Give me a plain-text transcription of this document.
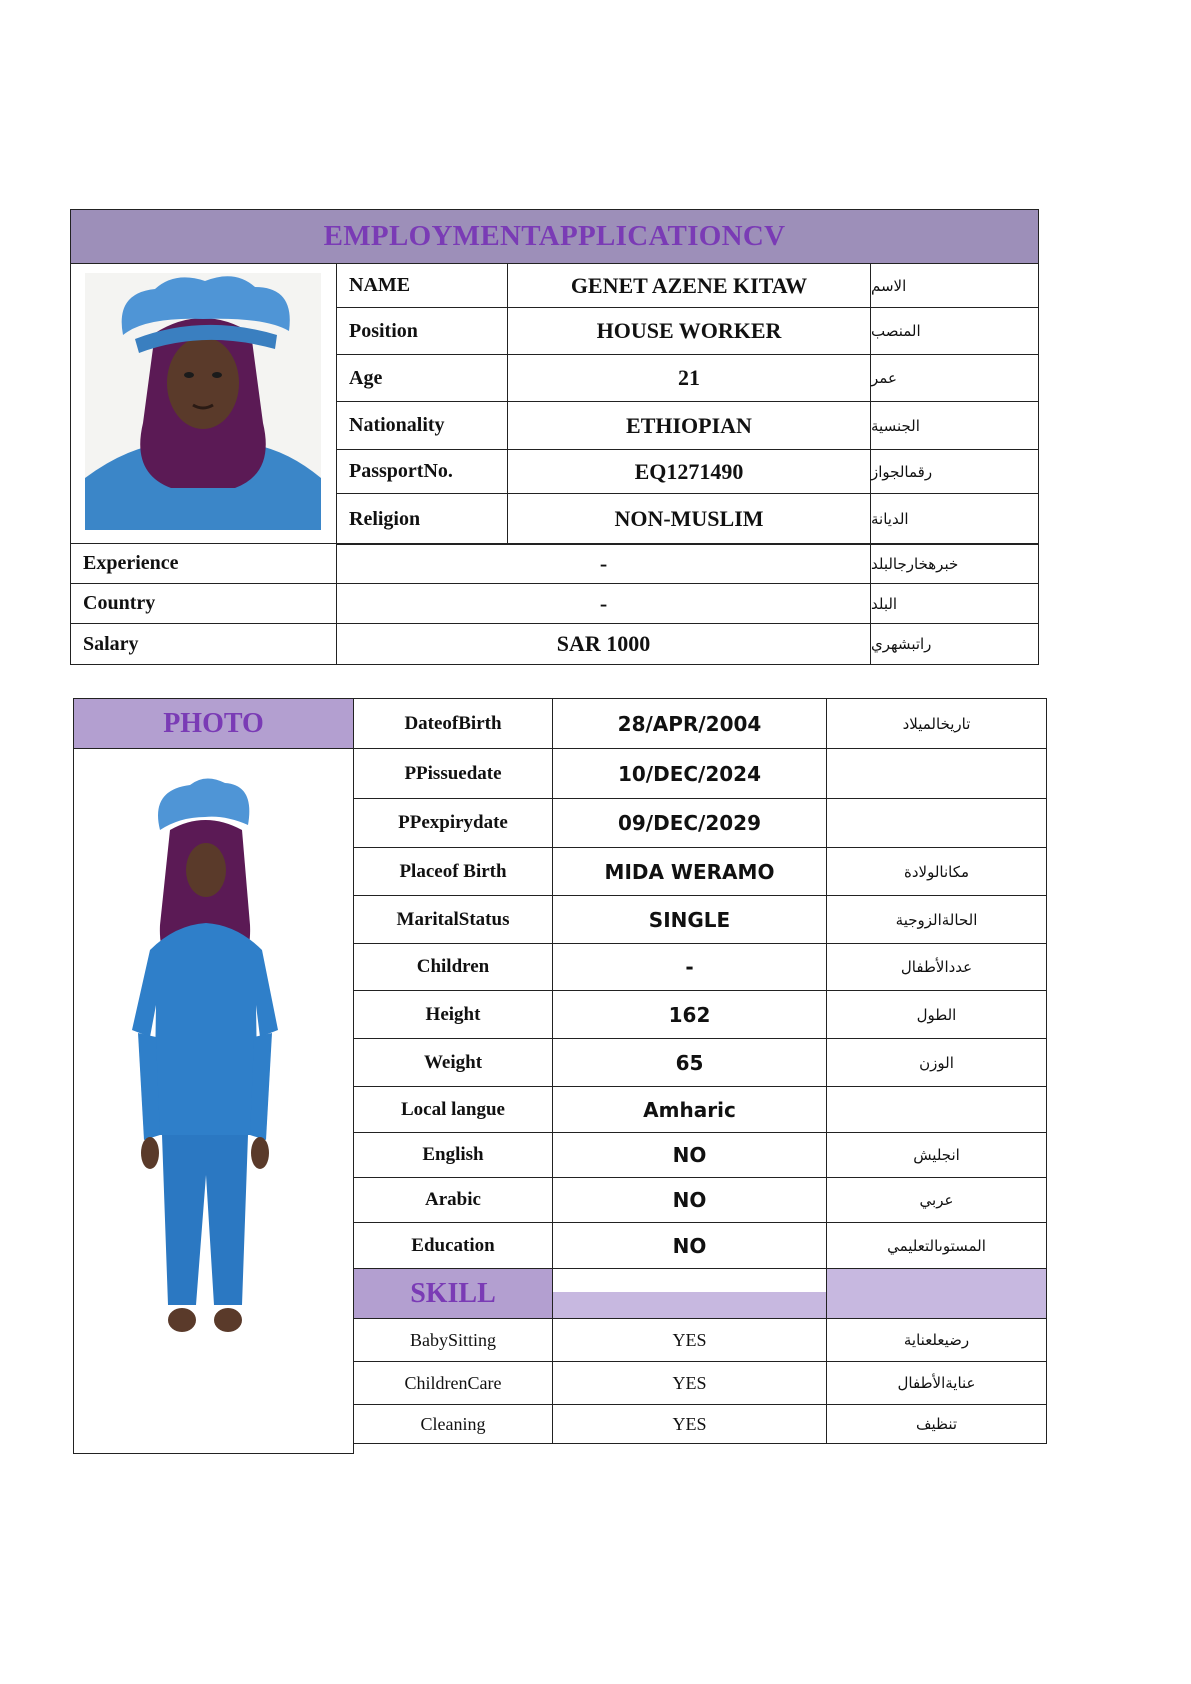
EMPLOYMENTAPPLICATIONCV
NAME	GENET AZENE KITAW	الاسم
Position	HOUSE WORKER	المنصب
Age	21	عمر
Nationality	ETHIOPIAN	الجنسية
PassportNo.	EQ1271490	رقمالجواز
Religion	NON-MUSLIM	الديانة
Experience	-	خبرهخارجالبلد
Country	-	البلد
Salary	SAR 1000	راتبشهري
PHOTO	DateofBirth	28/APR/2004	تاريخالميلاد
PPissuedate	10/DEC/2024
PPexpirydate	09/DEC/2029
Placeof Birth	MIDA WERAMO	مكانالولادة
MaritalStatus	SINGLE	الحالةالزوجية
Children	-	عددالأطفال
Height	162	الطول
Weight	65	الوزن
Local langue	Amharic
English	NO	انجليش
Arabic	NO	عربي
Education	NO	المستوىالتعليمي
SKILL
BabySitting	YES	رضيعلعناية
ChildrenCare	YES	عنايةالأطفال
Cleaning	YES	تنظيف
